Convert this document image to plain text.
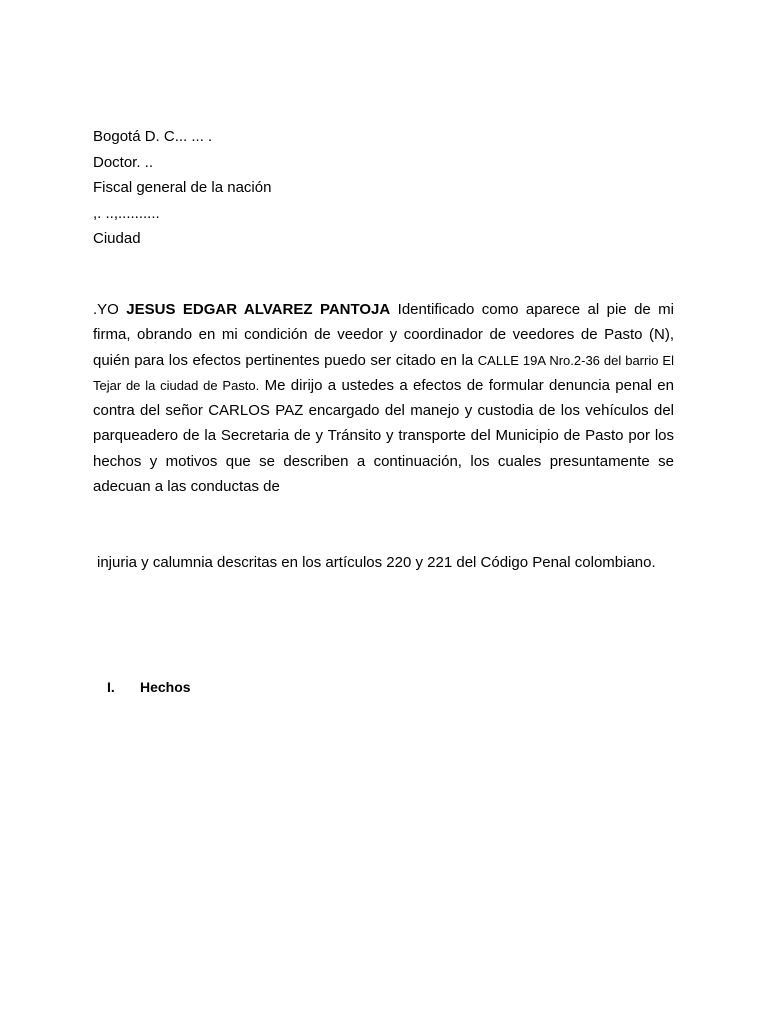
Bogotá D. C... ... .
Doctor. ..
Fiscal general de la nación
,. ..,..........
Ciudad
.YO JESUS EDGAR ALVAREZ PANTOJA Identificado como aparece al pie de mi firma, obrando en mi condición de veedor y coordinador de veedores de Pasto (N), quién para los efectos pertinentes puedo ser citado en la CALLE 19A Nro.2-36 del barrio El Tejar de la ciudad de Pasto. Me dirijo a ustedes a efectos de formular denuncia penal en contra del señor CARLOS PAZ encargado del manejo y custodia de los vehículos del parqueadero de la Secretaria de y Tránsito y transporte del Municipio de Pasto por los hechos y motivos que se describen a continuación, los cuales presuntamente se adecuan a las conductas de
injuria y calumnia descritas en los artículos 220 y 221 del Código Penal colombiano.
I. Hechos
